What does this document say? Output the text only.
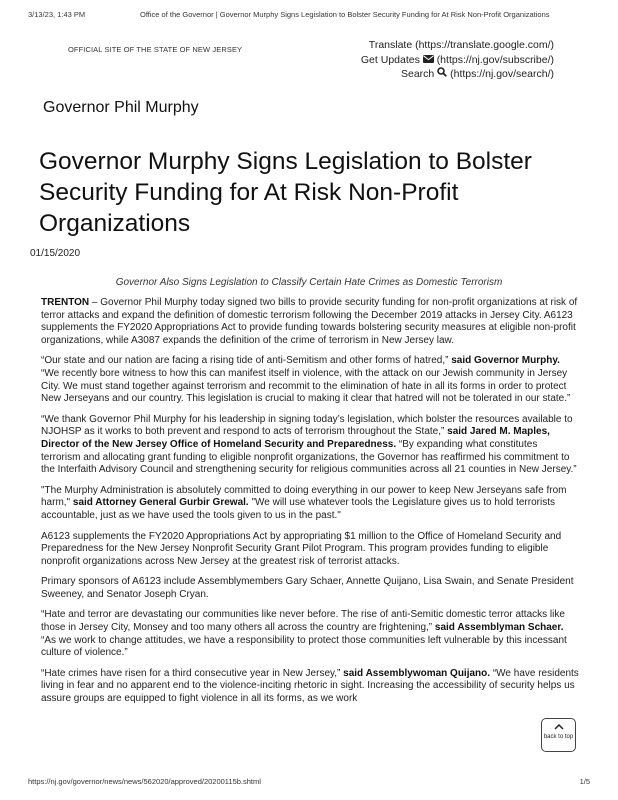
3/13/23, 1:43 PM	Office of the Governor | Governor Murphy Signs Legislation to Bolster Security Funding for At Risk Non-Profit Organizations
OFFICIAL SITE OF THE STATE OF NEW JERSEY	Translate (https://translate.google.com/)
Get Updates (https://nj.gov/subscribe/)
Search (https://nj.gov/search/)
Governor Phil Murphy
Governor Murphy Signs Legislation to Bolster Security Funding for At Risk Non-Profit Organizations
01/15/2020
Governor Also Signs Legislation to Classify Certain Hate Crimes as Domestic Terrorism

TRENTON – Governor Phil Murphy today signed two bills to provide security funding for non-profit organizations at risk of terror attacks and expand the definition of domestic terrorism following the December 2019 attacks in Jersey City. A6123 supplements the FY2020 Appropriations Act to provide funding towards bolstering security measures at eligible non-profit organizations, while A3087 expands the definition of the crime of terrorism in New Jersey law.

“Our state and our nation are facing a rising tide of anti-Semitism and other forms of hatred,” said Governor Murphy. “We recently bore witness to how this can manifest itself in violence, with the attack on our Jewish community in Jersey City. We must stand together against terrorism and recommit to the elimination of hate in all its forms in order to protect New Jerseyans and our country. This legislation is crucial to making it clear that hatred will not be tolerated in our state.”

“We thank Governor Phil Murphy for his leadership in signing today’s legislation, which bolster the resources available to NJOHSP as it works to both prevent and respond to acts of terrorism throughout the State,” said Jared M. Maples, Director of the New Jersey Office of Homeland Security and Preparedness. “By expanding what constitutes terrorism and allocating grant funding to eligible nonprofit organizations, the Governor has reaffirmed his commitment to the Interfaith Advisory Council and strengthening security for religious communities across all 21 counties in New Jersey.”

"The Murphy Administration is absolutely committed to doing everything in our power to keep New Jerseyans safe from harm," said Attorney General Gurbir Grewal. "We will use whatever tools the Legislature gives us to hold terrorists accountable, just as we have used the tools given to us in the past."

A6123 supplements the FY2020 Appropriations Act by appropriating $1 million to the Office of Homeland Security and Preparedness for the New Jersey Nonprofit Security Grant Pilot Program. This program provides funding to eligible nonprofit organizations across New Jersey at the greatest risk of terrorist attacks.

Primary sponsors of A6123 include Assemblymembers Gary Schaer, Annette Quijano, Lisa Swain, and Senate President Sweeney, and Senator Joseph Cryan.

“Hate and terror are devastating our communities like never before. The rise of anti-Semitic domestic terror attacks like those in Jersey City, Monsey and too many others all across the country are frightening,” said Assemblyman Schaer. “As we work to change attitudes, we have a responsibility to protect those communities left vulnerable by this incessant culture of violence.”

“Hate crimes have risen for a third consecutive year in New Jersey,” said Assemblywoman Quijano. “We have residents living in fear and no apparent end to the violence-inciting rhetoric in sight. Increasing the accessibility of security helps us assure groups are equipped to fight violence in all its forms, as we work

back to top
https://nj.gov/governor/news/news/562020/approved/20200115b.shtml	1/5
